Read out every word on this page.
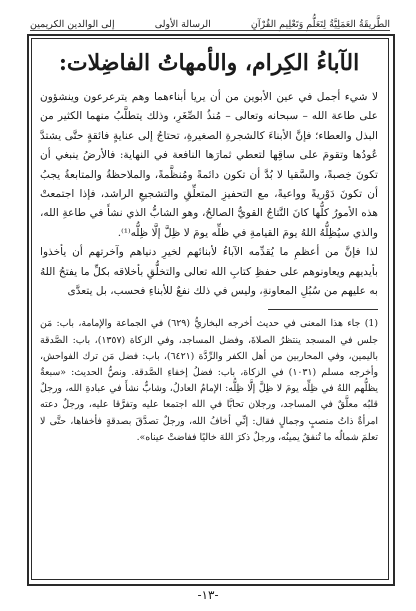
الطَّرِيقَةُ العَمَلِيَّةُ لِتَعَلُّمِ وَتَعْلِيمِ القُرْآنِ
الرسالة الأولى
إلى الوالدين الكريمين
الآباءُ الكِرام، والأمهاتُ الفاضِلات:

لا شيء أجمل في عين الأبوين من أن يريا أبناءهما وهم يترعرعون وينشؤون على طاعة الله – سبحانه وتعالى – مُنذُ الصِّغَرِ، وذلك يتطلَّبُ منهما الكثير من البذل والعطاء؛ فإنَّ الأبناءَ كالشجرةِ الصغيرةِ، تحتاجُ إلى عنايةٍ فائقةٍ حتَّى يشتدَّ عُودُها وتقومَ على ساقِها لتعطي ثمارَها النافعة في النهاية: فالأرضُ ينبغي أن تكونَ خِصبةً، والسَّقيا لا بُدَّ أن تكون دائمةً ومُنظَّمةً، والملاحظةُ والمتابعةُ يجبُ أن تكونَ دَوْريةً وواعيةً، مع التحفيزِ المتعلِّقِ والتشجيعِ الراشد، فإذا اجتمعتْ هذه الأمورُ كلُّها كانَ النَّتاجُ القويُّ الصالحُ، وهو الشابُّ الذي نشأَ في طاعةِ الله، والذي سيُظِلُّهُ اللهُ يومَ القيامةِ في ظلِّه يومَ لا ظِلَّ إلَّا ظِلُّه⁽¹⁾.

لذا فإنَّ من أعظمِ ما يُقدِّمه الآباءُ لأبنائهم لخيرِ دنياهم وآخرتهم أن يأخذوا بأيديهم ويعاونوهم على حفظِ كتابِ الله تعالى والتخلُّقِ بأخلاقه بكلِّ ما يفتحُ اللهُ به عليهم من سُبُلِ المعاونةِ، وليس في ذلك نفعٌ للأبناءِ فحسب، بل يتعدَّى

(1) جاء هذا المعنى في حديث أخرجه البخاريُّ (٦٢٩) في الجماعة والإمامة، باب: مَن جلس في المسجد ينتظرُ الصلاةَ، وفضل المساجد، وفي الزكاة (١٣٥٧)، باب: الصَّدقة باليمين، وفي المحاربين من أهل الكفر والرِّدَّة (٦٤٢١)، باب: فضل مَن ترك الفواحش، وأخرجه مسلم (١٠٣١) في الزكاة، باب: فضلُ إخفاءِ الصَّدقة. ونصُّ الحديث: «سبعةٌ يظلُّهم اللهُ في ظِلِّه يومَ لا ظِلَّ إلَّا ظِلُّه: الإمامُ العادلُ، وشابٌّ نشأَ في عبادةِ الله، ورجلٌ قلبُه معلَّقٌ في المساجد، ورجلان تحابَّا في الله اجتمعا عليه وتفرَّقا عليه، ورجلٌ دعته امرأةٌ ذاتُ منصبٍ وجمالٍ فقال: إنِّي أخافُ الله، ورجلٌ تصدَّقَ بصدقةٍ فأخفاها، حتَّى لا تعلمَ شمالُه ما تُنفقُ يمينُه، ورجلٌ ذكرَ اللهَ خاليًا ففاضتْ عيناه».

-١٣-
